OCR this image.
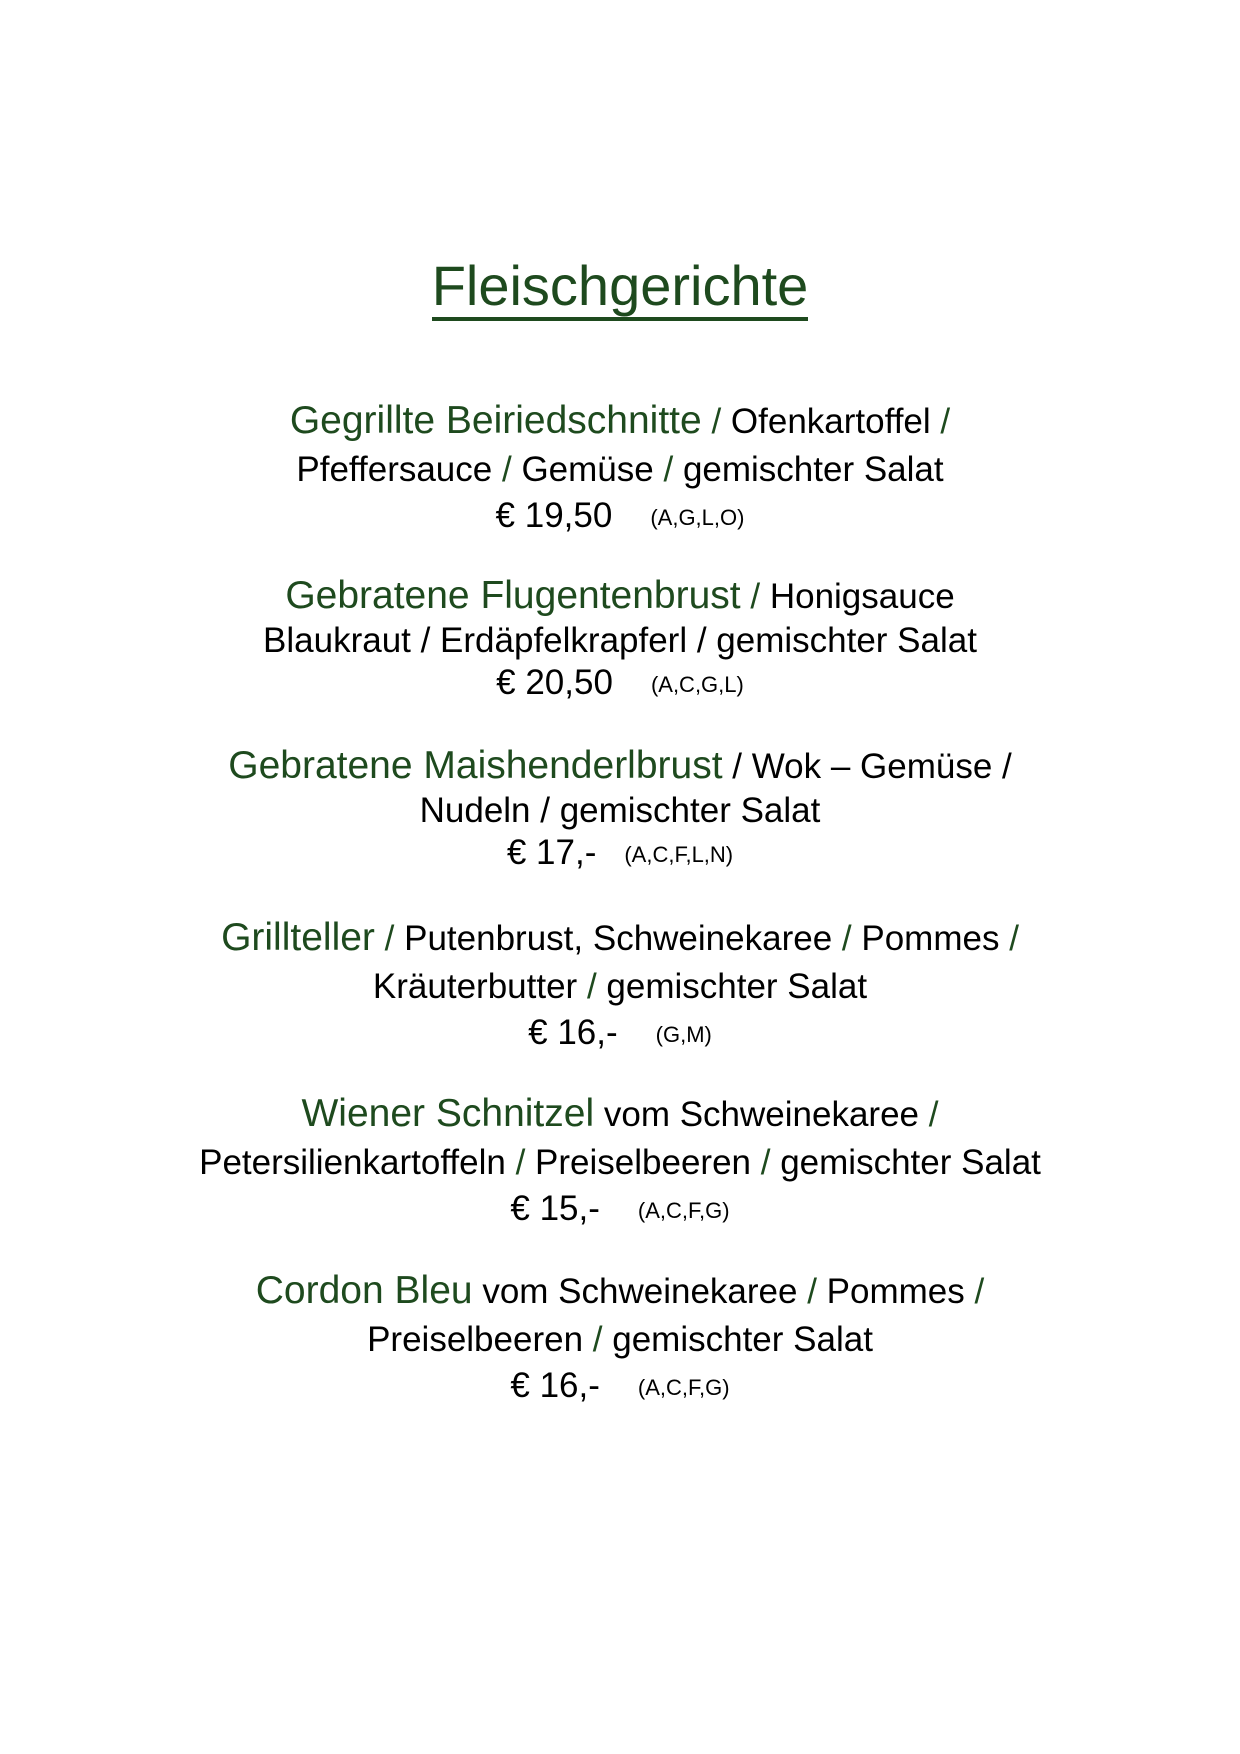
Fleischgerichte
Gegrillte Beiriedschnitte / Ofenkartoffel /
Pfeffersauce / Gemüse / gemischter Salat
€ 19,50 (A,G,L,O)
Gebratene Flugentenbrust / Honigsauce
Blaukraut / Erdäpfelkrapferl / gemischter Salat
€ 20,50 (A,C,G,L)
Gebratene Maishenderlbrust / Wok – Gemüse /
Nudeln / gemischter Salat
€ 17,- (A,C,F,L,N)
Grillteller / Putenbrust, Schweinekaree / Pommes /
Kräuterbutter / gemischter Salat
€ 16,- (G,M)
Wiener Schnitzel vom Schweinekaree /
Petersilienkartoffeln / Preiselbeeren / gemischter Salat
€ 15,- (A,C,F,G)
Cordon Bleu vom Schweinekaree / Pommes /
Preiselbeeren / gemischter Salat
€ 16,- (A,C,F,G)
